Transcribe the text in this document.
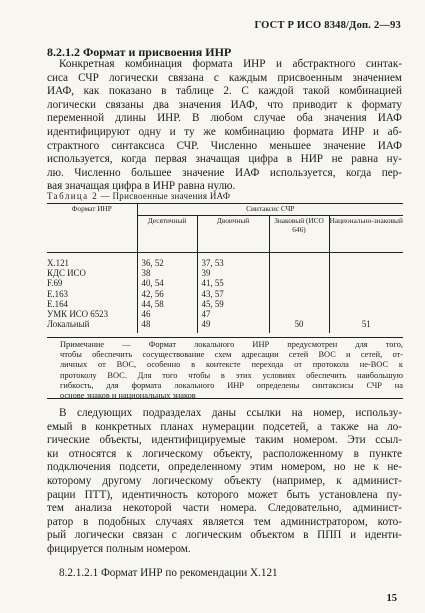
ГОСТ Р ИСО 8348/Доп. 2—93
8.2.1.2 Формат и присвоения ИНР
Конкретная комбинация формата ИНР и абстрактного синтак-
сиса СЧР логически связана с каждым присвоенным значением
ИАФ, как показано в таблице 2. С каждой такой комбинацией
логически связаны два значения ИАФ, что приводит к формату
переменной длины ИНР. В любом случае оба значения ИАФ
идентифицируют одну и ту же комбинацию формата ИНР и аб-
страктного синтаксиса СЧР. Численно меньшее значение ИАФ
используется, когда первая значащая цифра в НИР не равна ну-
лю. Численно большее значение ИАФ используется, когда пер-
вая значащая цифра в ИНР равна нулю.
Таблица 2 — Присвоенные значения ИАФ
Формат ИНР	Синтаксис СЧР			
	Десятичный	Двоичный	Знаковый (ИСО 646)	Национально-знаковый

X.121	36, 52	37, 53		
КДС ИСО	38	39		
F.69	40, 54	41, 55		
E.163	42, 56	43, 57		
E.164	44, 58	45, 59		
УМК ИСО 6523	46	47		
Локальный	48	49	50	51

Примечание — Формат локального ИНР предусмотрен для того,
чтобы обеспечить сосуществование схем адресации сетей ВОС и сетей, от-
личных от ВОС, особенно в контексте перехода от протокола не-ВОС к
протоколу ВОС. Для того чтобы в этих условиях обеспечить наибольшую
гибкость, для формата локального ИНР определены синтаксисы СЧР на
основе знаков и национальных знаков
В следующих подразделах даны ссылки на номер, использу-
емый в конкретных планах нумерации подсетей, а также на ло-
гические объекты, идентифицируемые таким номером. Эти ссыл-
ки относятся к логическому объекту, расположенному в пункте
подключения подсети, определенному этим номером, но не к не-
которому другому логическому объекту (например, к админист-
рации ПТТ), идентичность которого может быть установлена пу-
тем анализа некоторой части номера. Следовательно, админист-
ратор в подобных случаях является тем администратором, кото-
рый логически связан с логическим объектом в ППП и иденти-
фицируется полным номером.
8.2.1.2.1 Формат ИНР по рекомендации X.121
15
